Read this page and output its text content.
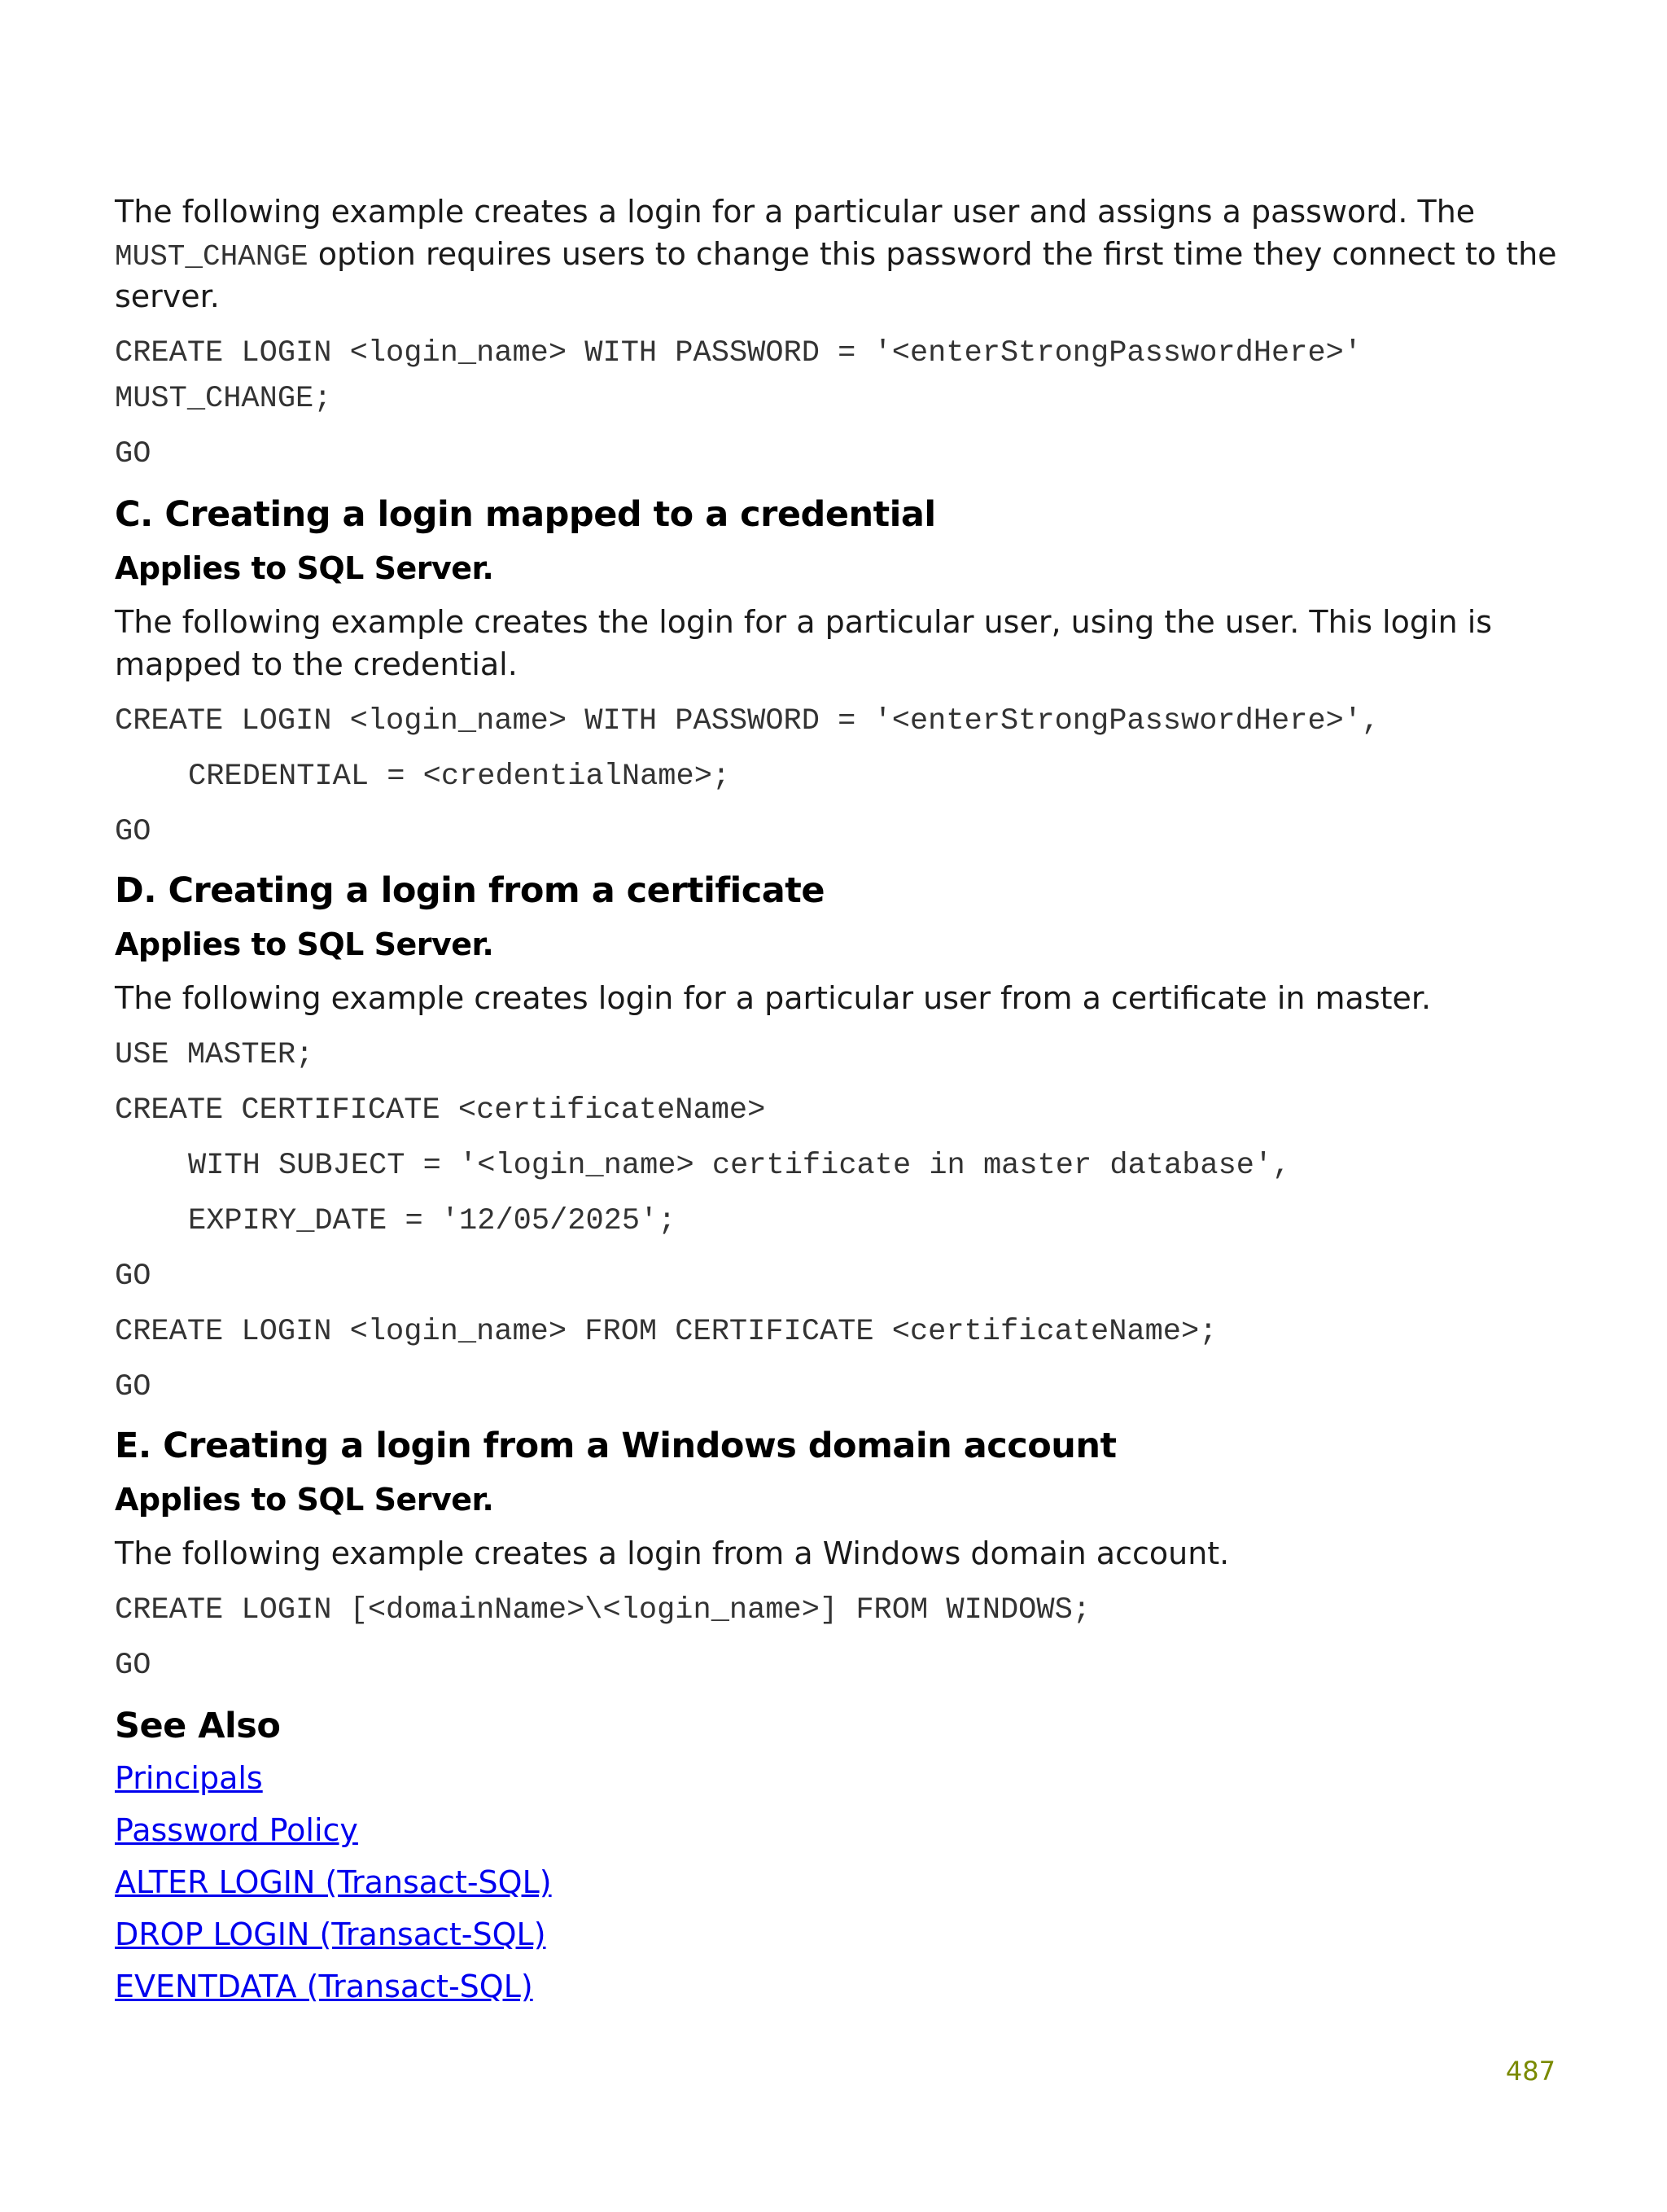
The following example creates a login for a particular user and assigns a password. The

MUST_CHANGE option requires users to change this password the first time they connect to the

server.

CREATE LOGIN <login_name> WITH PASSWORD = '<enterStrongPasswordHere>'
MUST_CHANGE;
GO
C. Creating a login mapped to a credential
Applies to SQL Server.

The following example creates the login for a particular user, using the user. This login is

mapped to the credential.

CREATE LOGIN <login_name> WITH PASSWORD = '<enterStrongPasswordHere>',
CREDENTIAL = <credentialName>;
GO
D. Creating a login from a certificate
Applies to SQL Server.

The following example creates login for a particular user from a certificate in master.

USE MASTER;
CREATE CERTIFICATE <certificateName>
WITH SUBJECT = '<login_name> certificate in master database',
EXPIRY_DATE = '12/05/2025';
GO
CREATE LOGIN <login_name> FROM CERTIFICATE <certificateName>;
GO
E. Creating a login from a Windows domain account
Applies to SQL Server.

The following example creates a login from a Windows domain account.

CREATE LOGIN [<domainName>\<login_name>] FROM WINDOWS;
GO
See Also
Principals
Password Policy
ALTER LOGIN (Transact-SQL)
DROP LOGIN (Transact-SQL)
EVENTDATA (Transact-SQL)
487
